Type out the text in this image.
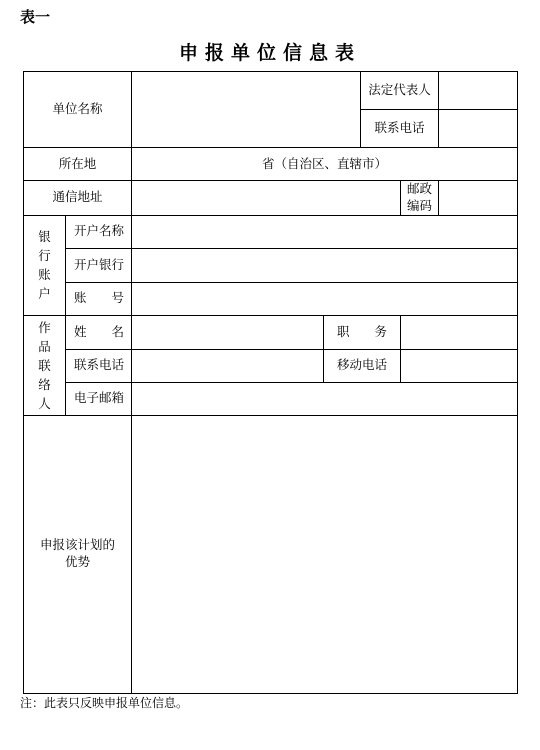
表一
申报单位信息表
单位名称				法定代表人		
				联系电话		
所在地		省（自治区、直辖市）				

通信地址					邮政编码	
银行账户	开户名称					
	开户银行					
	账　　号					
作品联络人	姓　　名		职　　务			
	联系电话		移动电话			
	电子邮箱					
申报该计划的优势						
注：此表只反映申报单位信息。
